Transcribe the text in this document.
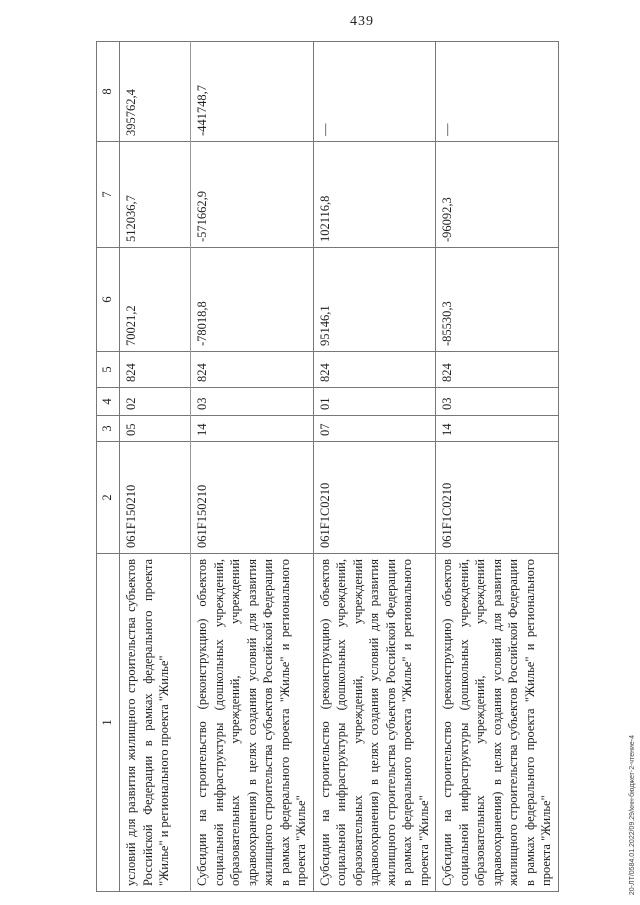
439
1	2	3	4	5	6	7	8
условий для развития жилищного строительства субъектов Российской Федерации в рамках федерального проекта "Жилье" и регионального проекта "Жилье"	061F150210	05	02	824	70021,2	512036,7	395762,4
Субсидии на строительство (реконструкцию) объектов социальной инфраструктуры (дошкольных учреждений, образовательных учреждений, учреждений здравоохранения) в целях создания условий для развития жилищного строительства субъектов Российской Федерации в рамках федерального проекта "Жилье" и регионального проекта "Жилье"	061F150210	14	03	824	-78018,8	-571662,9	-441748,7
Субсидии на строительство (реконструкцию) объектов социальной инфраструктуры (дошкольных учреждений, образовательных учреждений, учреждений здравоохранения) в целях создания условий для развития жилищного строительства субъектов Российской Федерации в рамках федерального проекта "Жилье" и регионального проекта "Жилье"	061F1C0210	07	01	824	95146,1	102116,8	—
Субсидии на строительство (реконструкцию) объектов социальной инфраструктуры (дошкольных учреждений, образовательных учреждений, учреждений здравоохранения) в целях создания условий для развития жилищного строительства субъектов Российской Федерации в рамках федерального проекта "Жилье" и регионального проекта "Жилье"	061F1C0210	14	03	824	-85530,3	-96092,3	—
20-ЛТ/0584.01.2022/09.29/кнн-бюджет-2-чтение-4
